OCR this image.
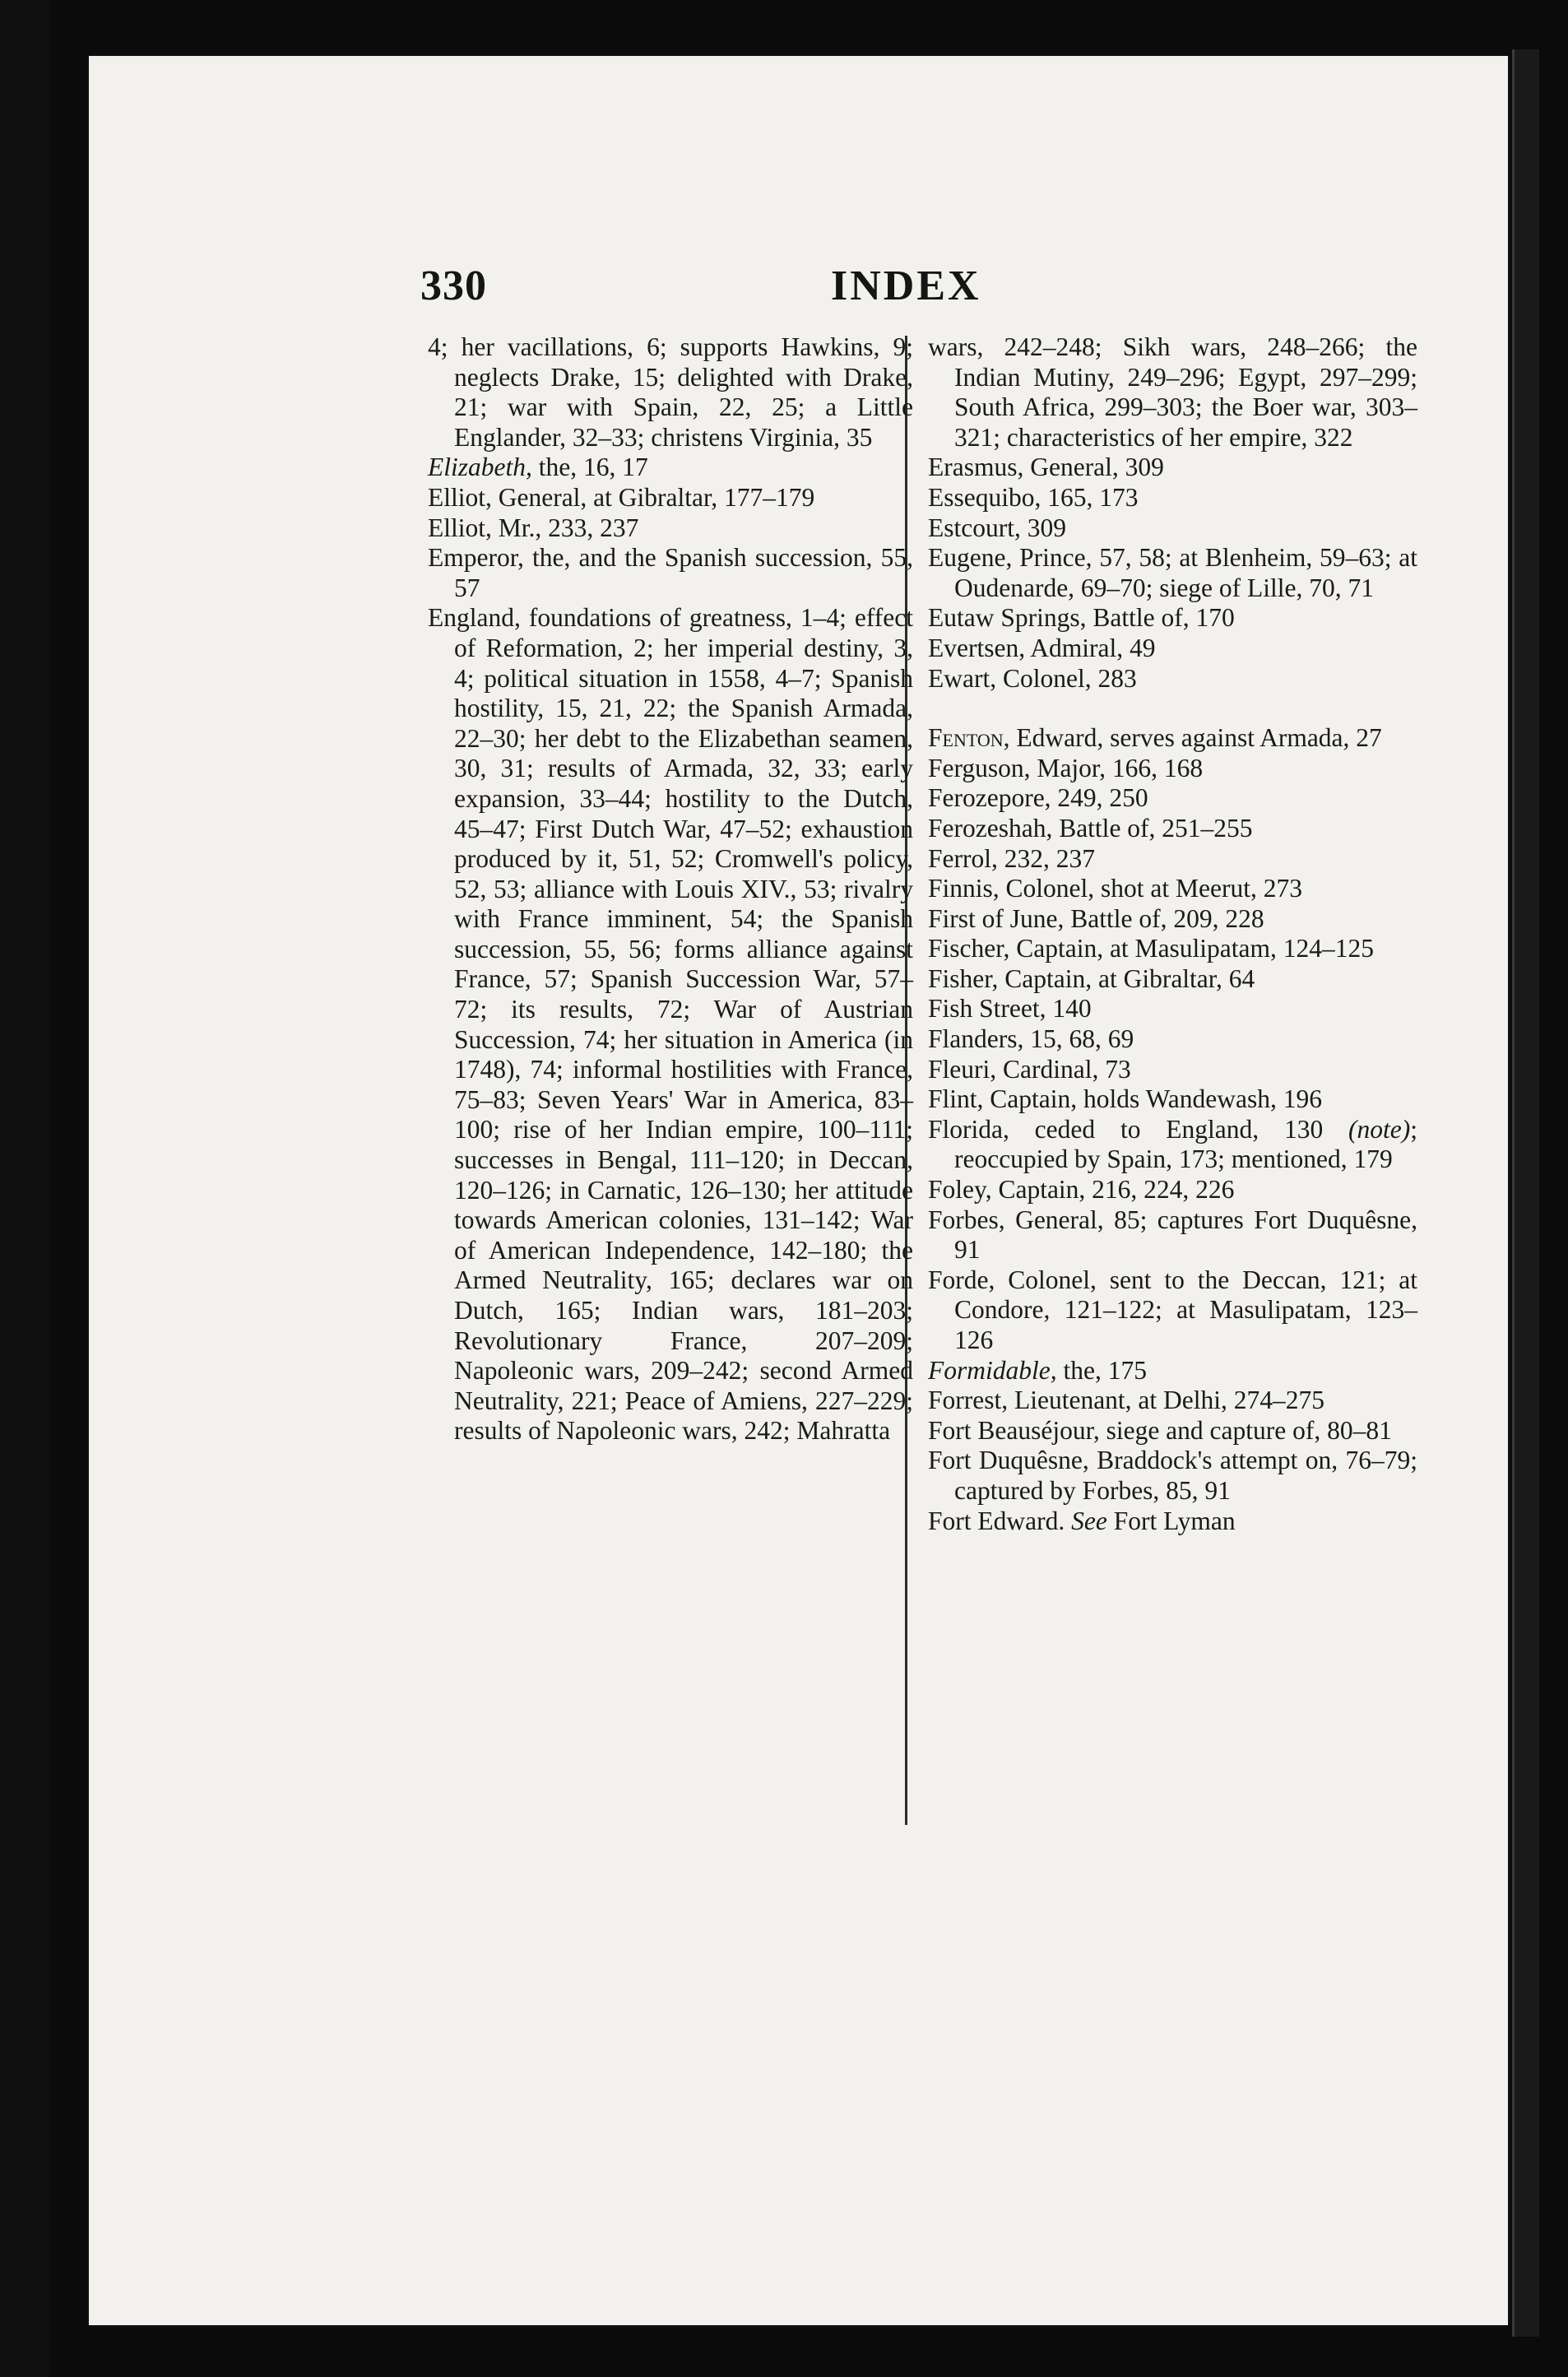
330	INDEX

4; her vacillations, 6; supports Hawkins, 9; neglects Drake, 15; delighted with Drake, 21; war with Spain, 22, 25; a Little Englander, 32–33; christens Virginia, 35

Elizabeth, the, 16, 17

Elliot, General, at Gibraltar, 177–179

Elliot, Mr., 233, 237

Emperor, the, and the Spanish succession, 55, 57

England, foundations of greatness, 1–4; effect of Reformation, 2; her imperial destiny, 3, 4; political situation in 1558, 4–7; Spanish hostility, 15, 21, 22; the Spanish Armada, 22–30; her debt to the Elizabethan seamen, 30, 31; results of Armada, 32, 33; early expansion, 33–44; hostility to the Dutch, 45–47; First Dutch War, 47–52; exhaustion produced by it, 51, 52; Cromwell's policy, 52, 53; alliance with Louis XIV., 53; rivalry with France imminent, 54; the Spanish succession, 55, 56; forms alliance against France, 57; Spanish Succession War, 57–72; its results, 72; War of Austrian Succession, 74; her situation in America (in 1748), 74; informal hostilities with France, 75–83; Seven Years' War in America, 83–100; rise of her Indian empire, 100–111; successes in Bengal, 111–120; in Deccan, 120–126; in Carnatic, 126–130; her attitude towards American colonies, 131–142; War of American Independence, 142–180; the Armed Neutrality, 165; declares war on Dutch, 165; Indian wars, 181–203; Revolutionary France, 207–209; Napoleonic wars, 209–242; second Armed Neutrality, 221; Peace of Amiens, 227–229; results of Napoleonic wars, 242; Mahratta

wars, 242–248; Sikh wars, 248–266; the Indian Mutiny, 249–296; Egypt, 297–299; South Africa, 299–303; the Boer war, 303–321; characteristics of her empire, 322

Erasmus, General, 309

Essequibo, 165, 173

Estcourt, 309

Eugene, Prince, 57, 58; at Blenheim, 59–63; at Oudenarde, 69–70; siege of Lille, 70, 71

Eutaw Springs, Battle of, 170

Evertsen, Admiral, 49

Ewart, Colonel, 283

Fenton, Edward, serves against Armada, 27

Ferguson, Major, 166, 168

Ferozepore, 249, 250

Ferozeshah, Battle of, 251–255

Ferrol, 232, 237

Finnis, Colonel, shot at Meerut, 273

First of June, Battle of, 209, 228

Fischer, Captain, at Masulipatam, 124–125

Fisher, Captain, at Gibraltar, 64

Fish Street, 140

Flanders, 15, 68, 69

Fleuri, Cardinal, 73

Flint, Captain, holds Wandewash, 196

Florida, ceded to England, 130 (note); reoccupied by Spain, 173; mentioned, 179

Foley, Captain, 216, 224, 226

Forbes, General, 85; captures Fort Duquêsne, 91

Forde, Colonel, sent to the Deccan, 121; at Condore, 121–122; at Masulipatam, 123–126

Formidable, the, 175

Forrest, Lieutenant, at Delhi, 274–275

Fort Beauséjour, siege and capture of, 80–81

Fort Duquêsne, Braddock's attempt on, 76–79; captured by Forbes, 85, 91

Fort Edward. See Fort Lyman
